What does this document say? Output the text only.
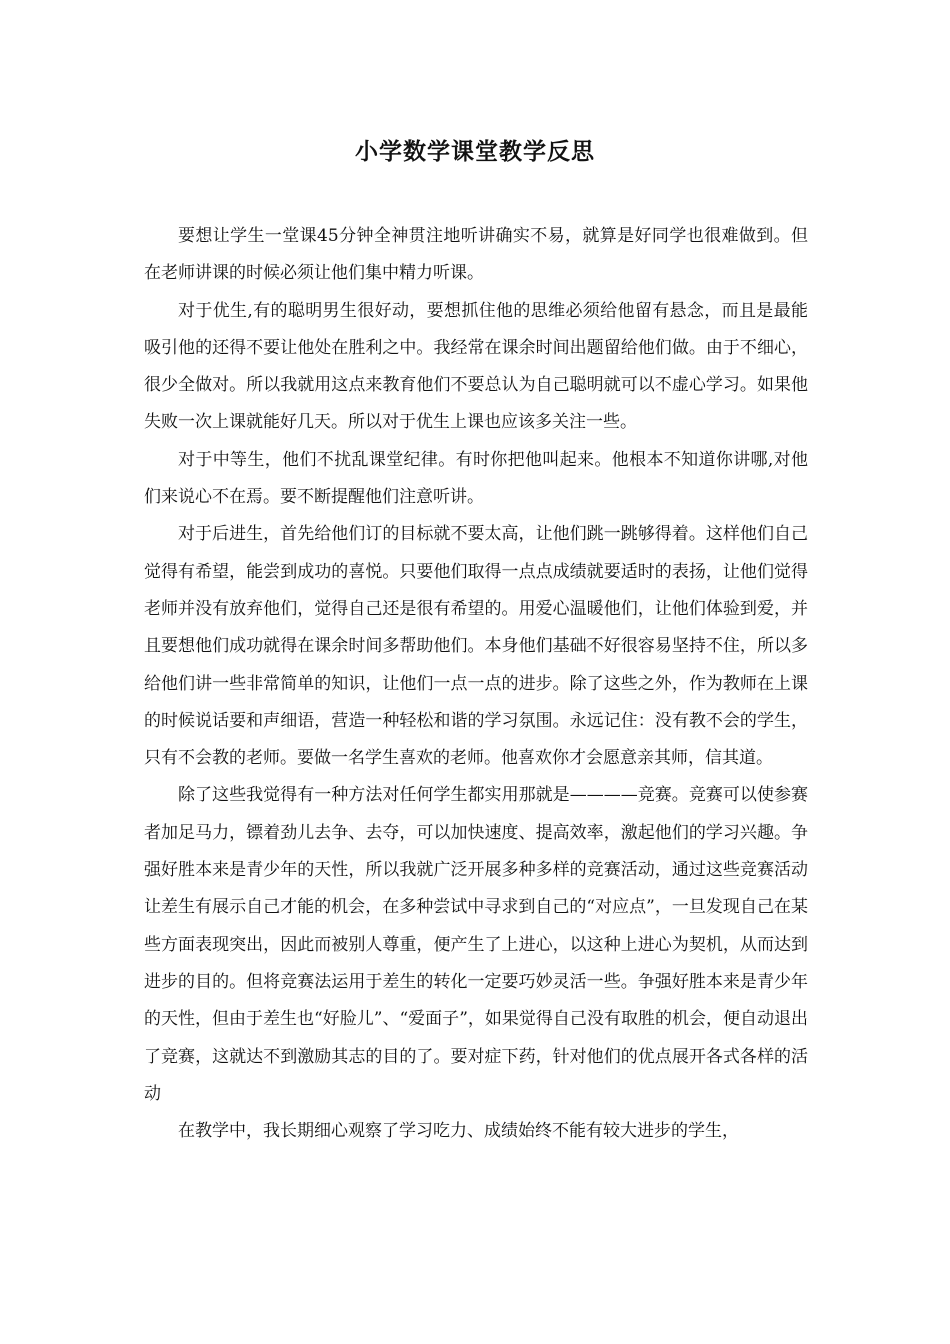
小学数学课堂教学反思

要想让学生一堂课45分钟全神贯注地听讲确实不易，就算是好同学也很难做到。但在老师讲课的时候必须让他们集中精力听课。

对于优生,有的聪明男生很好动，要想抓住他的思维必须给他留有悬念，而且是最能吸引他的还得不要让他处在胜利之中。我经常在课余时间出题留给他们做。由于不细心，很少全做对。所以我就用这点来教育他们不要总认为自己聪明就可以不虚心学习。如果他失败一次上课就能好几天。所以对于优生上课也应该多关注一些。

对于中等生，他们不扰乱课堂纪律。有时你把他叫起来。他根本不知道你讲哪,对他们来说心不在焉。要不断提醒他们注意听讲。

对于后进生，首先给他们订的目标就不要太高，让他们跳一跳够得着。这样他们自己觉得有希望，能尝到成功的喜悦。只要他们取得一点点成绩就要适时的表扬，让他们觉得老师并没有放弃他们，觉得自己还是很有希望的。用爱心温暖他们，让他们体验到爱，并且要想他们成功就得在课余时间多帮助他们。本身他们基础不好很容易坚持不住，所以多给他们讲一些非常简单的知识，让他们一点一点的进步。除了这些之外，作为教师在上课的时候说话要和声细语，营造一种轻松和谐的学习氛围。永远记住：没有教不会的学生，只有不会教的老师。要做一名学生喜欢的老师。他喜欢你才会愿意亲其师，信其道。

除了这些我觉得有一种方法对任何学生都实用那就是————竞赛。竞赛可以使参赛者加足马力，镖着劲儿去争、去夺，可以加快速度、提高效率，激起他们的学习兴趣。争强好胜本来是青少年的天性，所以我就广泛开展多种多样的竞赛活动，通过这些竞赛活动让差生有展示自己才能的机会，在多种尝试中寻求到自己的“对应点”，一旦发现自己在某些方面表现突出，因此而被别人尊重，便产生了上进心，以这种上进心为契机，从而达到进步的目的。但将竞赛法运用于差生的转化一定要巧妙灵活一些。争强好胜本来是青少年的天性，但由于差生也“好脸儿”、“爱面子”，如果觉得自己没有取胜的机会，便自动退出了竞赛，这就达不到激励其志的目的了。要对症下药，针对他们的优点展开各式各样的活动

在教学中，我长期细心观察了学习吃力、成绩始终不能有较大进步的学生，
